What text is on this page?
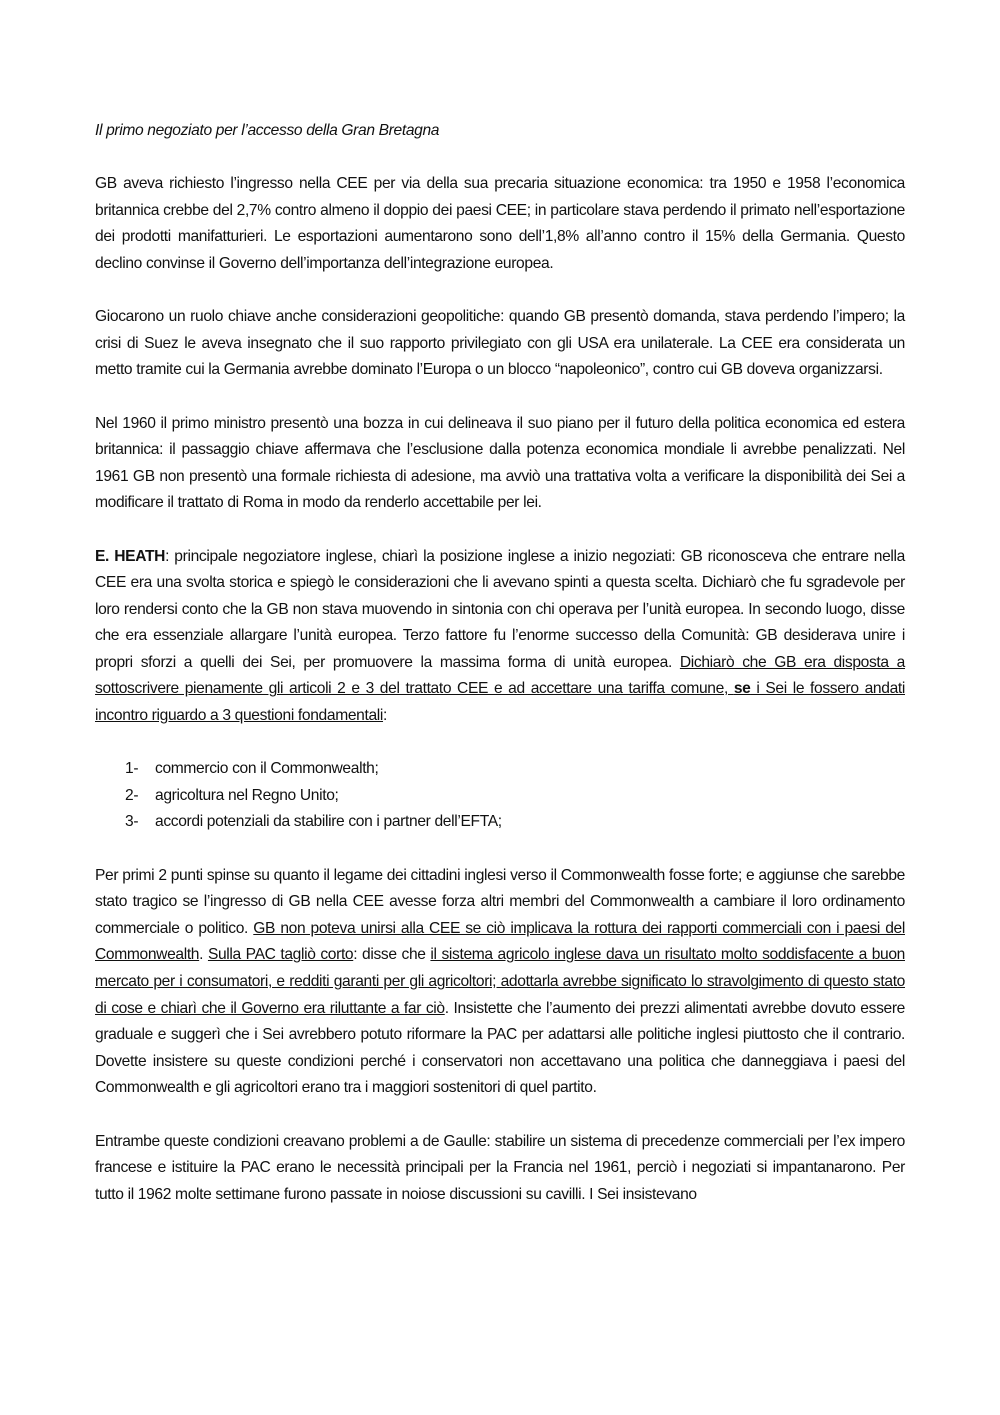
Il primo negoziato per l’accesso della Gran Bretagna

GB aveva richiesto l’ingresso nella CEE per via della sua precaria situazione economica: tra 1950 e 1958 l’economica britannica crebbe del 2,7% contro almeno il doppio dei paesi CEE; in particolare stava perdendo il primato nell’esportazione dei prodotti manifatturieri. Le esportazioni aumentarono sono dell’1,8% all’anno contro il 15% della Germania. Questo declino convinse il Governo dell’importanza dell’integrazione europea.

Giocarono un ruolo chiave anche considerazioni geopolitiche: quando GB presentò domanda, stava perdendo l’impero; la crisi di Suez le aveva insegnato che il suo rapporto privilegiato con gli USA era unilaterale. La CEE era considerata un metto tramite cui la Germania avrebbe dominato l’Europa o un blocco “napoleonico”, contro cui GB doveva organizzarsi.

Nel 1960 il primo ministro presentò una bozza in cui delineava il suo piano per il futuro della politica economica ed estera britannica: il passaggio chiave affermava che l’esclusione dalla potenza economica mondiale li avrebbe penalizzati. Nel 1961 GB non presentò una formale richiesta di adesione, ma avviò una trattativa volta a verificare la disponibilità dei Sei a modificare il trattato di Roma in modo da renderlo accettabile per lei.

E. HEATH: principale negoziatore inglese, chiarì la posizione inglese a inizio negoziati: GB riconosceva che entrare nella CEE era una svolta storica e spiegò le considerazioni che li avevano spinti a questa scelta. Dichiarò che fu sgradevole per loro rendersi conto che la GB non stava muovendo in sintonia con chi operava per l’unità europea. In secondo luogo, disse che era essenziale allargare l’unità europea. Terzo fattore fu l’enorme successo della Comunità: GB desiderava unire i propri sforzi a quelli dei Sei, per promuovere la massima forma di unità europea. Dichiarò che GB era disposta a sottoscrivere pienamente gli articoli 2 e 3 del trattato CEE e ad accettare una tariffa comune, se i Sei le fossero andati incontro riguardo a 3 questioni fondamentali:

1-	commercio con il Commonwealth;
2-	agricoltura nel Regno Unito;
3-	accordi potenziali da stabilire con i partner dell’EFTA;

Per primi 2 punti spinse su quanto il legame dei cittadini inglesi verso il Commonwealth fosse forte; e aggiunse che sarebbe stato tragico se l’ingresso di GB nella CEE avesse forza altri membri del Commonwealth a cambiare il loro ordinamento commerciale o politico. GB non poteva unirsi alla CEE se ciò implicava la rottura dei rapporti commerciali con i paesi del Commonwealth. Sulla PAC tagliò corto: disse che il sistema agricolo inglese dava un risultato molto soddisfacente a buon mercato per i consumatori, e redditi garanti per gli agricoltori; adottarla avrebbe significato lo stravolgimento di questo stato di cose e chiarì che il Governo era riluttante a far ciò. Insistette che l’aumento dei prezzi alimentati avrebbe dovuto essere graduale e suggerì che i Sei avrebbero potuto riformare la PAC per adattarsi alle politiche inglesi piuttosto che il contrario. Dovette insistere su queste condizioni perché i conservatori non accettavano una politica che danneggiava i paesi del Commonwealth e gli agricoltori erano tra i maggiori sostenitori di quel partito.

Entrambe queste condizioni creavano problemi a de Gaulle: stabilire un sistema di precedenze commerciali per l’ex impero francese e istituire la PAC erano le necessità principali per la Francia nel 1961, perciò i negoziati si impantanarono. Per tutto il 1962 molte settimane furono passate in noiose discussioni su cavilli. I Sei insistevano
